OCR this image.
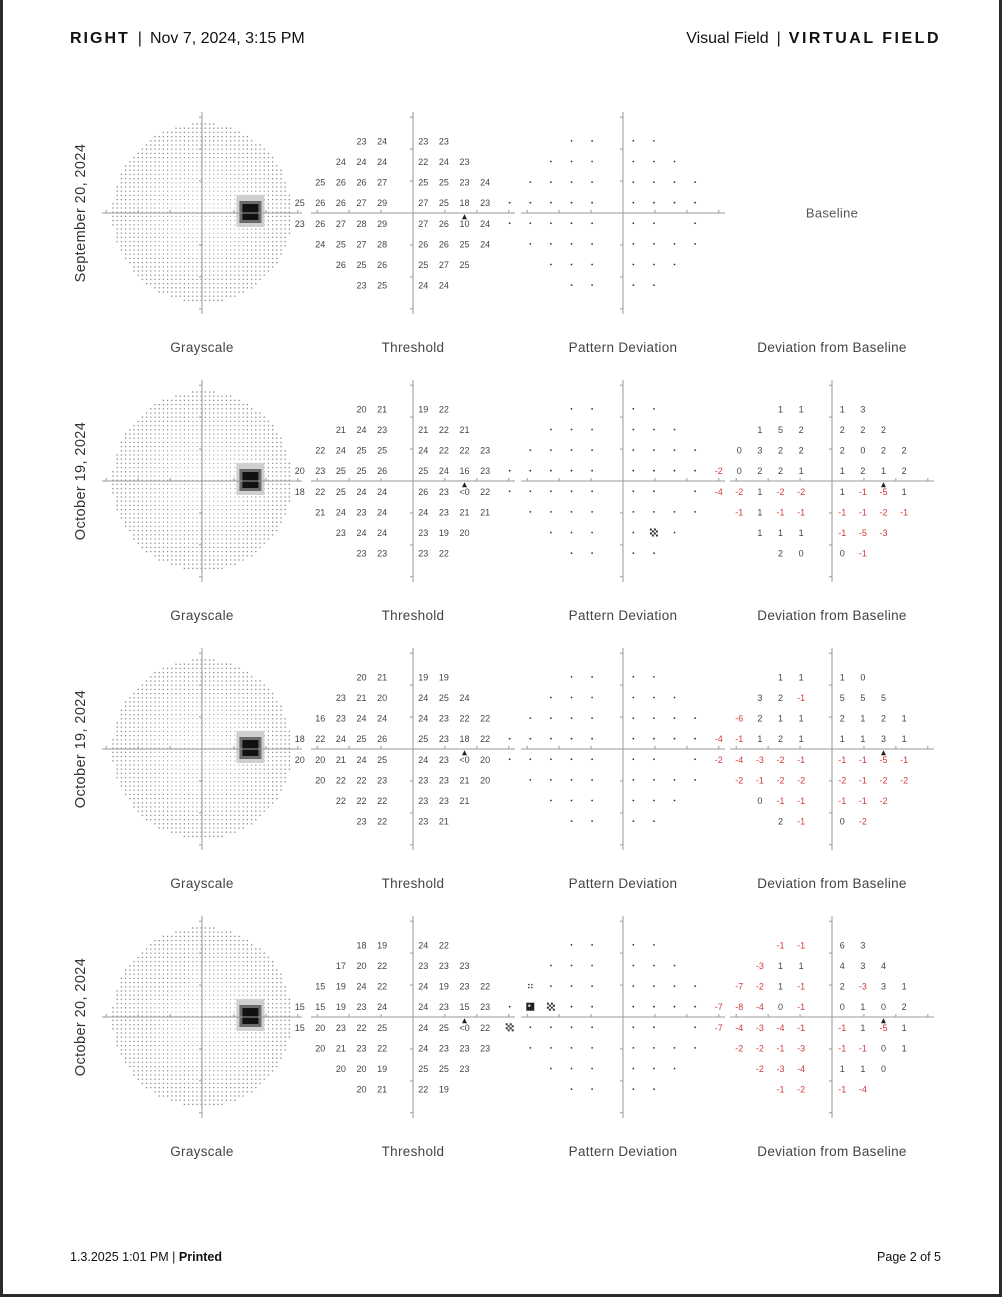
RIGHT | Nov 7, 2024, 3:15 PM	Visual Field | VIRTUAL FIELD
September 20, 2024
23 24	23 23
24 24 24	22 24 23
25 26 26 27	25 25 23 24
25 26 26 27 29	27 25 18 23
23 26 27 28 29	27 26 10 24
24 25 27 28	26 26 25 24
26 25 26	25 27 25
23 25	24 24
Baseline
Grayscale	Threshold	Pattern Deviation	Deviation from Baseline
October 19, 2024
20 21	19 22
21 24 23	21 22 21
22 24 25 25	24 22 22 23
20 23 25 25 26	25 24 16 23
18 22 25 24 24	26 23 <0 22
21 24 23 24	24 23 21 21
23 24 24	23 19 20
23 23	23 22
1 1	1 3
1 5 2	2 2 2
0 3 2 2	2 0 2 2
-2 0 2 2 1	1 2 1 2
-4 -2 1 -2 -2	1 -1 -5 1
-1 1 -1 -1	-1 -1 -2 -1
1 1 1	-1 -5 -3
2 0	0 -1
Grayscale	Threshold	Pattern Deviation	Deviation from Baseline
October 19, 2024
20 21	19 19
23 21 20	24 25 24
16 23 24 24	24 23 22 22
18 22 24 25 26	25 23 18 22
20 20 21 24 25	24 23 <0 20
20 22 22 23	23 23 21 20
22 22 22	23 23 21
23 22	23 21
1 1	1 0
3 2 -1	5 5 5
-6 2 1 1	2 1 2 1
-4 -1 1 2 1	1 1 3 1
-2 -4 -3 -2 -1	-1 -1 -5 -1
-2 -1 -2 -2	-2 -1 -2 -2
0 -1 -1	-1 -1 -2
2 -1	0 -2
Grayscale	Threshold	Pattern Deviation	Deviation from Baseline
October 20, 2024
18 19	24 22
17 20 22	23 23 23
15 19 24 22	24 19 23 22
15 15 19 23 24	24 23 15 23
15 20 23 22 25	24 25 <0 22
20 21 23 22	24 23 23 23
20 20 19	25 25 23
20 21	22 19
-1 -1	6 3
-3 1 1	4 3 4
-7 -2 1 -1	2 -3 3 1
-7 -8 -4 0 -1	0 1 0 2
-7 -4 -3 -4 -1	-1 1 -5 1
-2 -2 -1 -3	-1 -1 0 1
-2 -3 -4	1 1 0
-1 -2	-1 -4
Grayscale	Threshold	Pattern Deviation	Deviation from Baseline
1.3.2025 1:01 PM | Printed	Page 2 of 5
